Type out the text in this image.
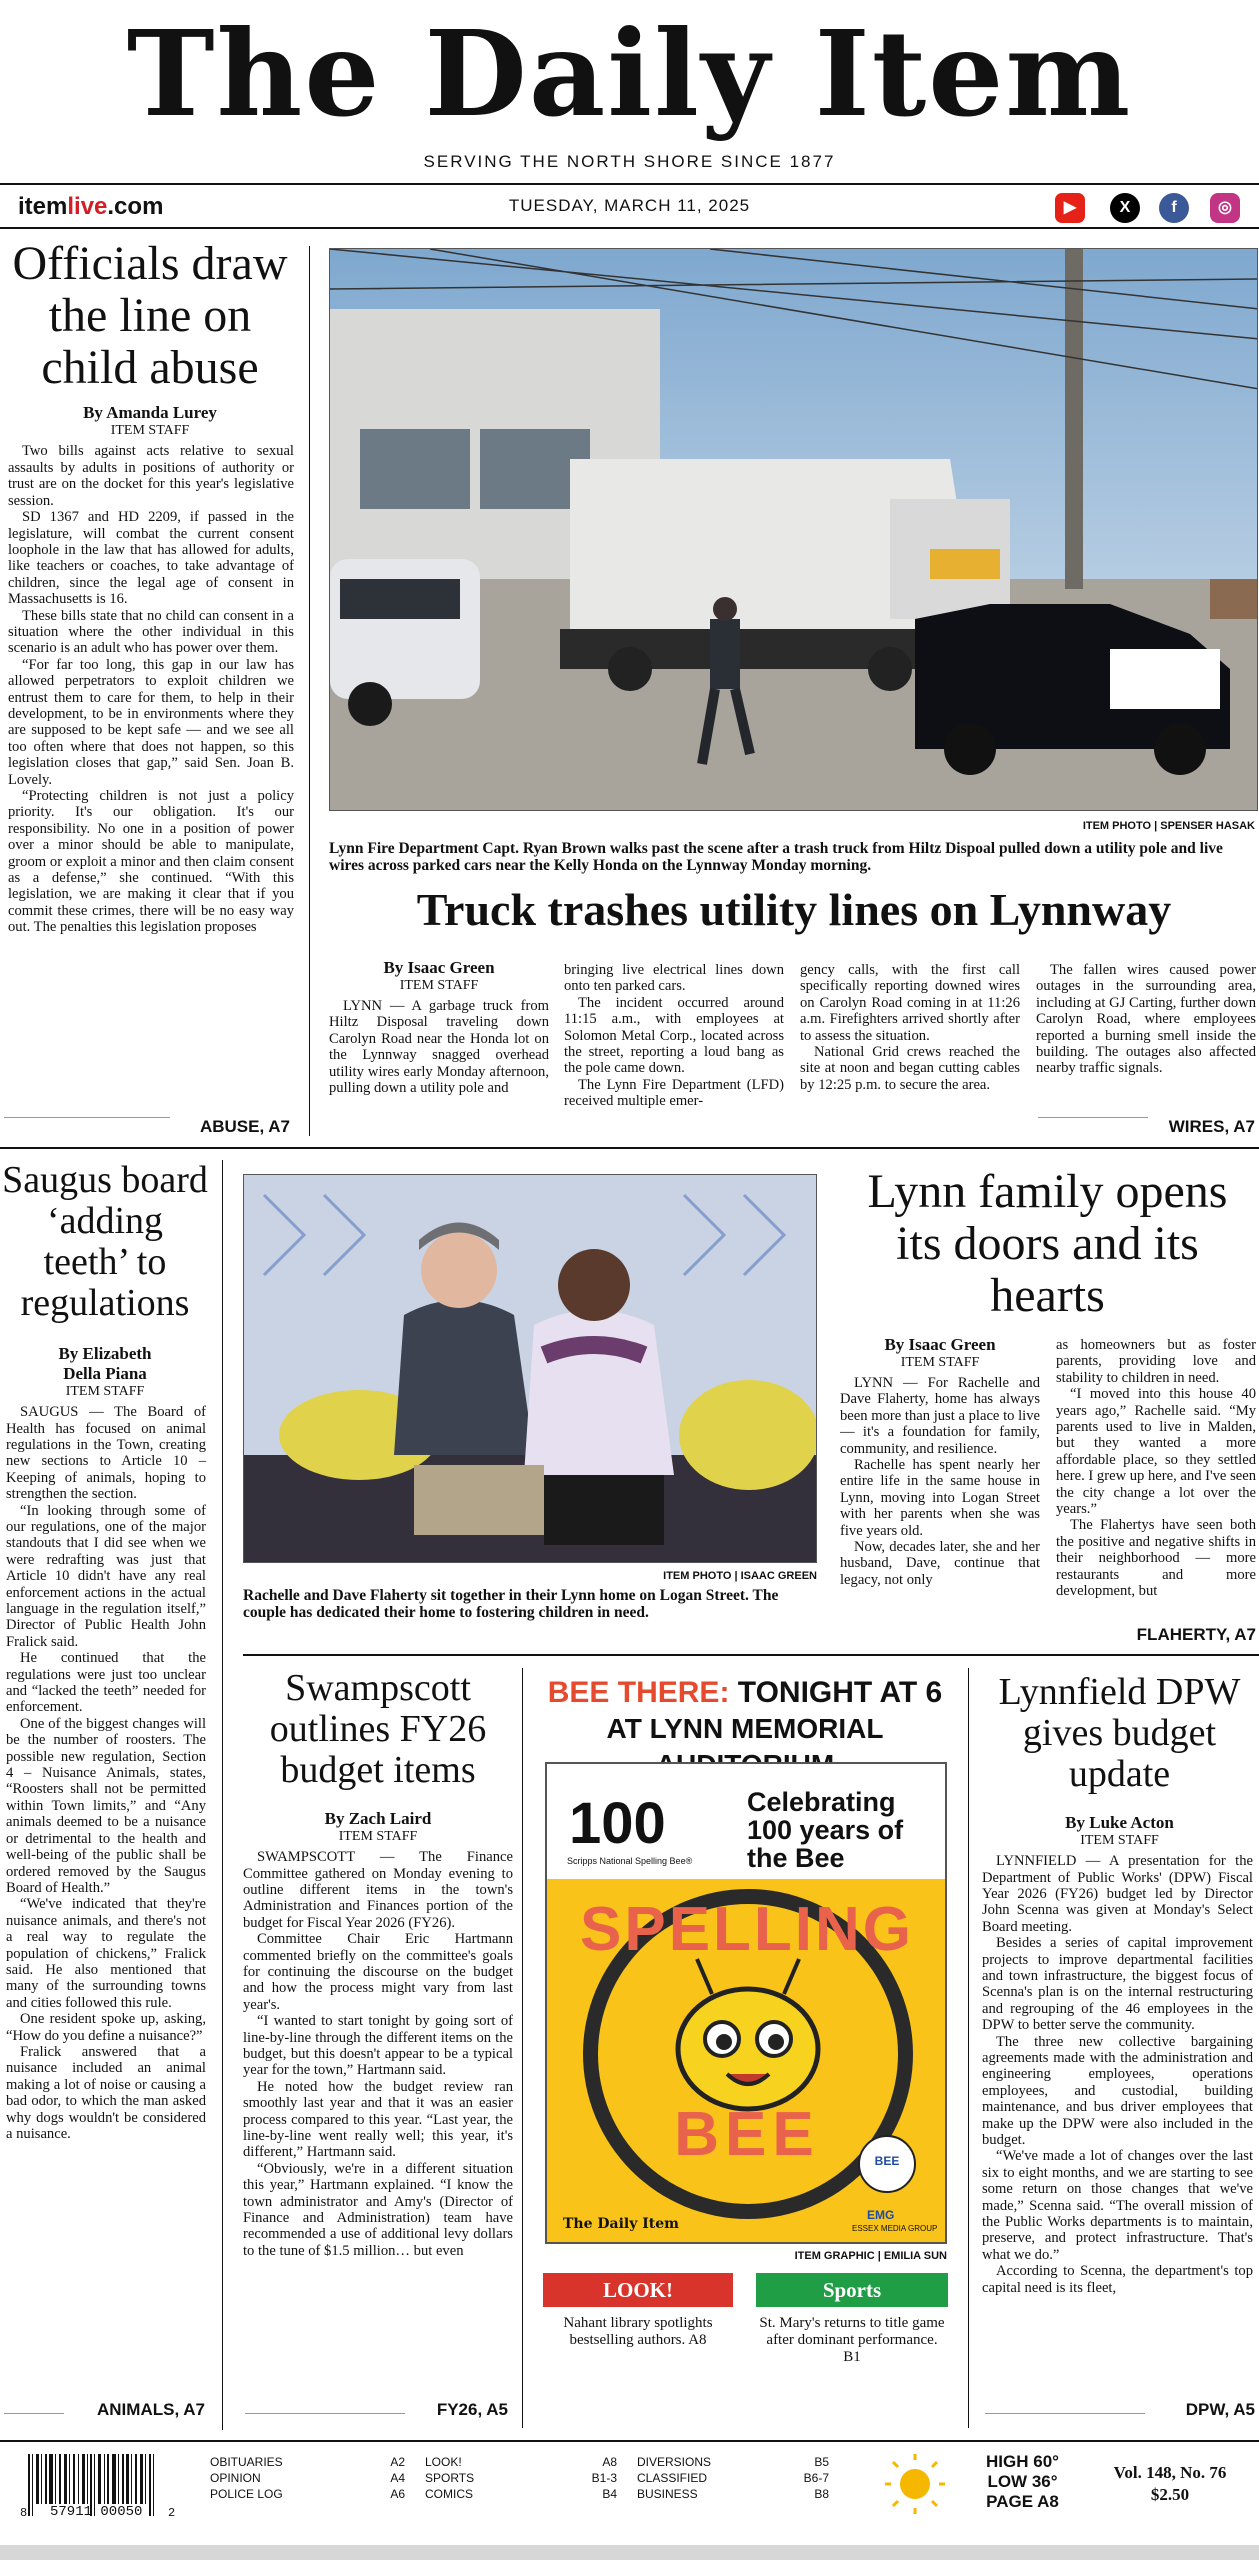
The Daily Item
SERVING THE NORTH SHORE SINCE 1877
itemlive.com	TUESDAY, MARCH 11, 2025	▶	X	f	◎
Officials draw the line on child abuse
By Amanda Lurey
ITEM STAFF

Two bills against acts relative to sexual assaults by adults in positions of authority or trust are on the docket for this year's legislative session.

SD 1367 and HD 2209, if passed in the legislature, will combat the current consent loophole in the law that has allowed for adults, like teachers or coaches, to take advantage of children, since the legal age of consent in Massachusetts is 16.

These bills state that no child can consent in a situation where the other individual in this scenario is an adult who has power over them.

“For far too long, this gap in our law has allowed perpetrators to exploit children we entrust them to care for them, to help in their development, to be in environments where they are supposed to be kept safe — and we see all too often where that does not happen, so this legislation closes that gap,” said Sen. Joan B. Lovely.

“Protecting children is not just a policy priority. It's our obligation. It's our responsibility. No one in a position of power over a minor should be able to manipulate, groom or exploit a minor and then claim consent as a defense,” she continued. “With this legislation, we are making it clear that if you commit these crimes, there will be no easy way out. The penalties this legislation proposes

ABUSE, A7
ITEM PHOTO | SPENSER HASAK
Lynn Fire Department Capt. Ryan Brown walks past the scene after a trash truck from Hiltz Dispoal pulled down a utility pole and live wires across parked cars near the Kelly Honda on the Lynnway Monday morning.
Truck trashes utility lines on Lynnway
By Isaac Green
ITEM STAFF

LYNN — A garbage truck from Hiltz Disposal traveling down Carolyn Road near the Honda lot on the Lynnway snagged overhead utility wires early Monday afternoon, pulling down a utility pole and

bringing live electrical lines down onto ten parked cars.

The incident occurred around 11:15 a.m., with employees at Solomon Metal Corp., located across the street, reporting a loud bang as the pole came down.

The Lynn Fire Department (LFD) received multiple emer-

gency calls, with the first call specifically reporting downed wires on Carolyn Road coming in at 11:26 a.m. Firefighters arrived shortly after to assess the situation.

National Grid crews reached the site at noon and began cutting cables by 12:25 p.m. to secure the area.

The fallen wires caused power outages in the surrounding area, including at GJ Carting, further down Carolyn Road, where employees reported a burning smell inside the building. The outages also affected nearby traffic signals.

WIRES, A7
Saugus board ‘adding teeth’ to regulations
By Elizabeth Della Piana
ITEM STAFF

SAUGUS — The Board of Health has focused on animal regulations in the Town, creating new sections to Article 10 – Keeping of animals, hoping to strengthen the section.

“In looking through some of our regulations, one of the major standouts that I did see when we were redrafting was just that Article 10 didn't have any real enforcement actions in the actual language in the regulation itself,” Director of Public Health John Fralick said.

He continued that the regulations were just too unclear and “lacked the teeth” needed for enforcement.

One of the biggest changes will be the number of roosters. The possible new regulation, Section 4 – Nuisance Animals, states, “Roosters shall not be permitted within Town limits,” and “Any animals deemed to be a nuisance or detrimental to the health and well-being of the public shall be ordered removed by the Saugus Board of Health.”

“We've indicated that they're nuisance animals, and there's not a real way to regulate the population of chickens,” Fralick said. He also mentioned that many of the surrounding towns and cities followed this rule.

One resident spoke up, asking, “How do you define a nuisance?”

Fralick answered that a nuisance included an animal making a lot of noise or causing a bad odor, to which the man asked why dogs wouldn't be considered a nuisance.

ANIMALS, A7
ITEM PHOTO | ISAAC GREEN
Rachelle and Dave Flaherty sit together in their Lynn home on Logan Street. The couple has dedicated their home to fostering children in need.
Lynn family opens its doors and its hearts
By Isaac Green
ITEM STAFF

LYNN — For Rachelle and Dave Flaherty, home has always been more than just a place to live — it's a foundation for family, community, and resilience.

Rachelle has spent nearly her entire life in the same house in Lynn, moving into Logan Street with her parents when she was five years old.

Now, decades later, she and her husband, Dave, continue that legacy, not only

as homeowners but as foster parents, providing love and stability to children in need.

“I moved into this house 40 years ago,” Rachelle said. “My parents used to live in Malden, but they wanted a more affordable place, so they settled here. I grew up here, and I've seen the city change a lot over the years.”

The Flahertys have seen both the positive and negative shifts in their neighborhood — more restaurants and more development, but

FLAHERTY, A7
Swampscott outlines FY26 budget items
By Zach Laird
ITEM STAFF

SWAMPSCOTT — The Finance Committee gathered on Monday evening to outline different items in the town's Administration and Finances portion of the budget for Fiscal Year 2026 (FY26).

Committee Chair Eric Hartmann commented briefly on the committee's goals for continuing the discourse on the budget and how the process might vary from last year's.

“I wanted to start tonight by going sort of line-by-line through the different items on the budget, but this doesn't appear to be a typical year for the town,” Hartmann said.

He noted how the budget review ran smoothly last year and that it was an easier process compared to this year. “Last year, the line-by-line went really well; this year, it's different,” Hartmann said.

“Obviously, we're in a different situation this year,” Hartmann explained. “I know the town administrator and Amy's (Director of Finance and Administration) team have recommended a use of additional levy dollars to the tune of $1.5 million… but even

FY26, A5
BEE THERE: TONIGHT AT 6
AT LYNN MEMORIAL
100
Scripps National Spelling Bee®
Celebrating 100 years of the Bee
SPELLING
BEE	BEE
The Daily Item
EMG
ESSEX MEDIA GROUP
ITEM GRAPHIC | EMILIA SUN
LOOK!
Nahant library spotlights bestselling authors. A8
Sports
St. Mary's returns to title game after dominant performance. B1
Lynnfield DPW gives budget update
By Luke Acton
ITEM STAFF

LYNNFIELD — A presentation for the Department of Public Works' (DPW) Fiscal Year 2026 (FY26) budget led by Director John Scenna was given at Monday's Select Board meeting.

Besides a series of capital improvement projects to improve departmental facilities and town infrastructure, the biggest focus of Scenna's plan is on the internal restructuring and regrouping of the 46 employees in the DPW to better serve the community.

The three new collective bargaining agreements made with the administration and engineering employees, operations employees, and custodial, building maintenance, and bus driver employees that make up the DPW were also included in the budget.

“We've made a lot of changes over the last six to eight months, and we are starting to see some return on those changes that we've made,” Scenna said. “The overall mission of the Public Works departments is to maintain, preserve, and protect infrastructure. That's what we do.”

According to Scenna, the department's top capital need is its fleet,

DPW, A5
8 57911 00050 2
OBITUARIES	A2
OPINION	A4
POLICE LOG	A6
LOOK!	A8
SPORTS	B1-3
COMICS	B4
DIVERSIONS	B5
CLASSIFIED	B6-7
BUSINESS	B8
HIGH 60°
LOW 36°
PAGE A8
Vol. 148, No. 76
$2.50
